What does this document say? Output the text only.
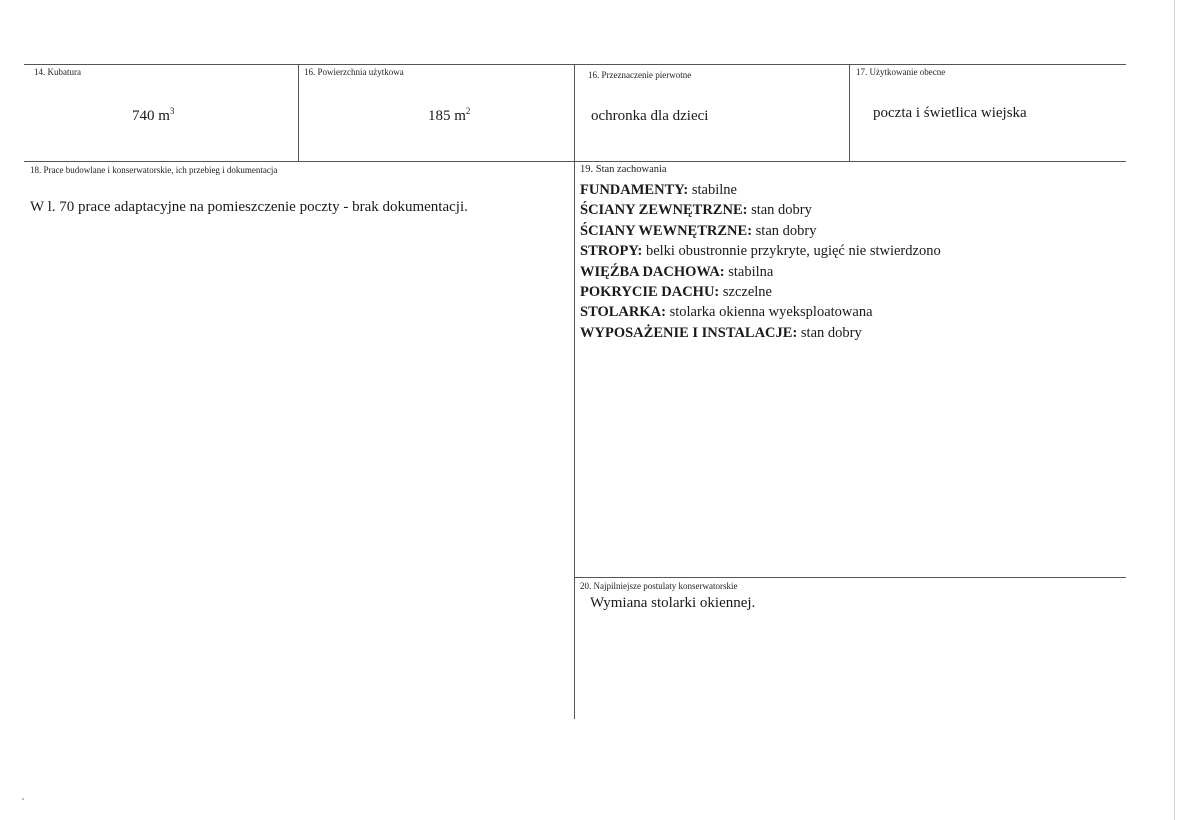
14. Kubatura
740 $m^3$
16. Powierzchnia użytkowa
185 $m^2$
16. Przeznaczenie pierwotne
ochronka dla dzieci
17. Użytkowanie obecne
poczta i świetlica wiejska
18. Prace budowlane i konserwatorskie, ich przebieg i dokumentacja
W l. 70 prace adaptacyjne na pomieszczenie poczty - brak dokumentacji.
19. Stan zachowania
FUNDAMENTY: stabilne
ŚCIANY ZEWNĘTRZNE: stan dobry
ŚCIANY WEWNĘTRZNE: stan dobry
STROPY: belki obustronnie przykryte, ugięć nie stwierdzono
WIĘŹBA DACHOWA: stabilna
POKRYCIE DACHU: szczelne
STOLARKA: stolarka okienna wyeksploatowana
WYPOSAŻENIE I INSTALACJE: stan dobry
20. Najpilniejsze postulaty konserwatorskie
Wymiana stolarki okiennej.
